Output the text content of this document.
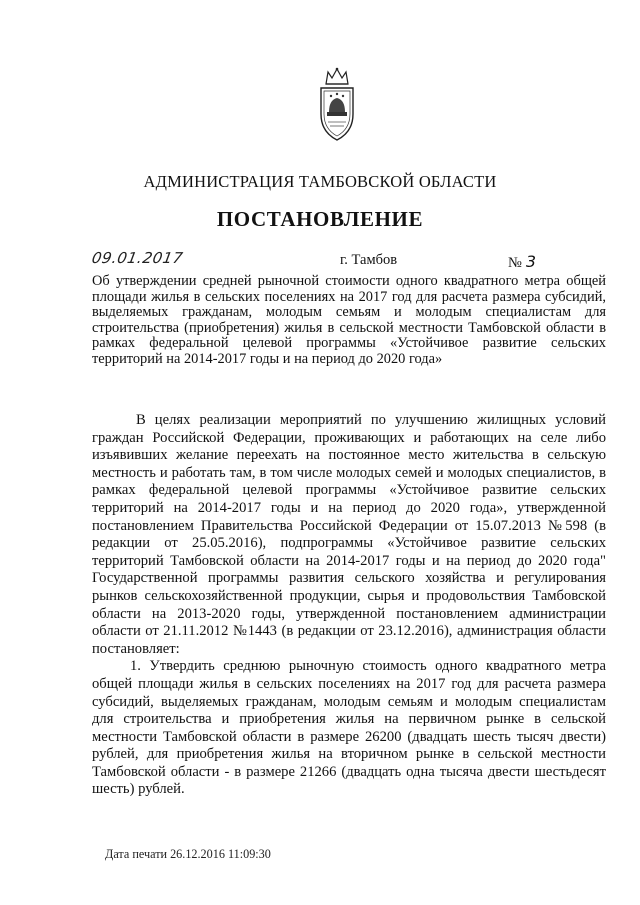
АДМИНИСТРАЦИЯ ТАМБОВСКОЙ ОБЛАСТИ
ПОСТАНОВЛЕНИЕ
09.01.2017	г. Тамбов	№ 3
Об утверждении средней рыночной стоимости одного квадратного метра общей площади жилья в сельских поселениях на 2017 год для расчета размера субсидий, выделяемых гражданам, молодым семьям и молодым специалистам для строительства (приобретения) жилья в сельской местности Тамбовской области в рамках федеральной целевой программы «Устойчивое развитие сельских территорий на 2014-2017 годы и на период до 2020 года»

В целях реализации мероприятий по улучшению жилищных условий граждан Российской Федерации, проживающих и работающих на селе либо изъявивших желание переехать на постоянное место жительства в сельскую местность и работать там, в том числе молодых семей и молодых специалистов, в рамках федеральной целевой программы «Устойчивое развитие сельских территорий на 2014-2017 годы и на период до 2020 года», утвержденной постановлением Правительства Российской Федерации от 15.07.2013 №598 (в редакции от 25.05.2016), подпрограммы «Устойчивое развитие сельских территорий Тамбовской области на 2014-2017 годы и на период до 2020 года" Государственной программы развития сельского хозяйства и регулирования рынков сельскохозяйственной продукции, сырья и продовольствия Тамбовской области на 2013-2020 годы, утвержденной постановлением администрации области от 21.11.2012 №1443 (в редакции от 23.12.2016), администрация области постановляет:

1. Утвердить среднюю рыночную стоимость одного квадратного метра общей площади жилья в сельских поселениях на 2017 год для расчета размера субсидий, выделяемых гражданам, молодым семьям и молодым специалистам для строительства и приобретения жилья на первичном рынке в сельской местности Тамбовской области в размере 26200 (двадцать шесть тысяч двести) рублей, для приобретения жилья на вторичном рынке в сельской местности Тамбовской области - в размере 21266 (двадцать одна тысяча двести шестьдесят шесть) рублей.

Дата печати 26.12.2016 11:09:30
